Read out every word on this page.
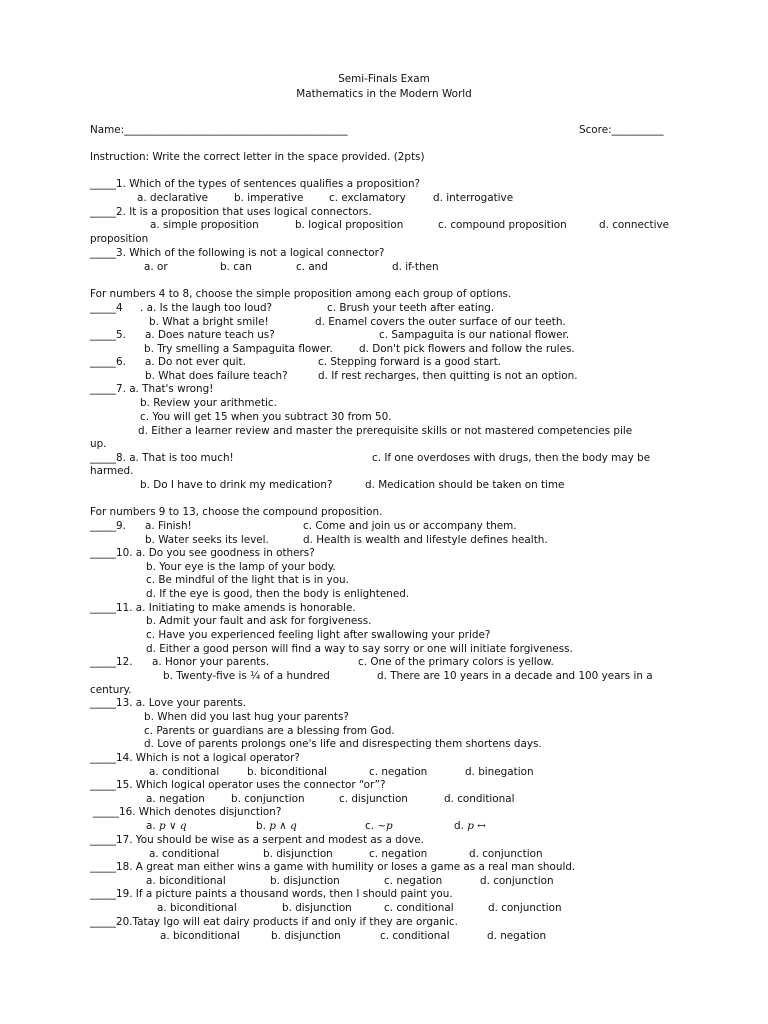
Semi-Finals Exam
Mathematics in the Modern World
Name:___________________________________________	Score:__________
Instruction: Write the correct letter in the space provided. (2pts)
_____1. Which of the types of sentences qualifies a proposition?
a. declarative b. imperative c. exclamatory	d. interrogative
_____2. It is a proposition that uses logical connectors.
a. simple proposition	b. logical proposition	c. compound proposition	d. connective
proposition
_____3. Which of the following is not a logical connector?
a. or	b. can	c. and	d. if-then
For numbers 4 to 8, choose the simple proposition among each group of options.
_____4 . a. Is the laugh too loud?	c. Brush your teeth after eating.
b. What a bright smile!	d. Enamel covers the outer surface of our teeth.
_____5. a. Does nature teach us?	c. Sampaguita is our national flower.
b. Try smelling a Sampaguita flower.	d. Don't pick flowers and follow the rules.
_____6. a. Do not ever quit.	c. Stepping forward is a good start.
b. What does failure teach?	d. If rest recharges, then quitting is not an option.
_____7. a. That's wrong!
b. Review your arithmetic.
c. You will get 15 when you subtract 30 from 50.
d. Either a learner review and master the prerequisite skills or not mastered competencies pile
up.
_____8. a. That is too much!	c. If one overdoses with drugs, then the body may be
harmed.
b. Do I have to drink my medication?	d. Medication should be taken on time
For numbers 9 to 13, choose the compound proposition.
_____9. a. Finish!	c. Come and join us or accompany them.
b. Water seeks its level.	d. Health is wealth and lifestyle defines health.
_____10. a. Do you see goodness in others?
b. Your eye is the lamp of your body.
c. Be mindful of the light that is in you.
d. If the eye is good, then the body is enlightened.
_____11. a. Initiating to make amends is honorable.
b. Admit your fault and ask for forgiveness.
c. Have you experienced feeling light after swallowing your pride?
d. Either a good person will find a way to say sorry or one will initiate forgiveness.
_____12. a. Honor your parents.	c. One of the primary colors is yellow.
b. Twenty-five is ¼ of a hundred	d. There are 10 years in a decade and 100 years in a
century.
_____13. a. Love your parents.
b. When did you last hug your parents?
c. Parents or guardians are a blessing from God.
d. Love of parents prolongs one's life and disrespecting them shortens days.
_____14. Which is not a logical operator?
a. conditional	b. biconditional	c. negation	d. binegation
_____15. Which logical operator uses the connector “or”?
a. negation	b. conjunction	c. disjunction	d. conditional
_____16. Which denotes disjunction?
a. p ∨ q	b. p ∧ q	c. ~p	d. p ↔
_____17. You should be wise as a serpent and modest as a dove.
a. conditional	b. disjunction	c. negation	d. conjunction
_____18. A great man either wins a game with humility or loses a game as a real man should.
a. biconditional	b. disjunction	c. negation	d. conjunction
_____19. If a picture paints a thousand words, then I should paint you.
a. biconditional	b. disjunction	c. conditional	d. conjunction
_____20.Tatay Igo will eat dairy products if and only if they are organic.
a. biconditional	b. disjunction	c. conditional	d. negation
